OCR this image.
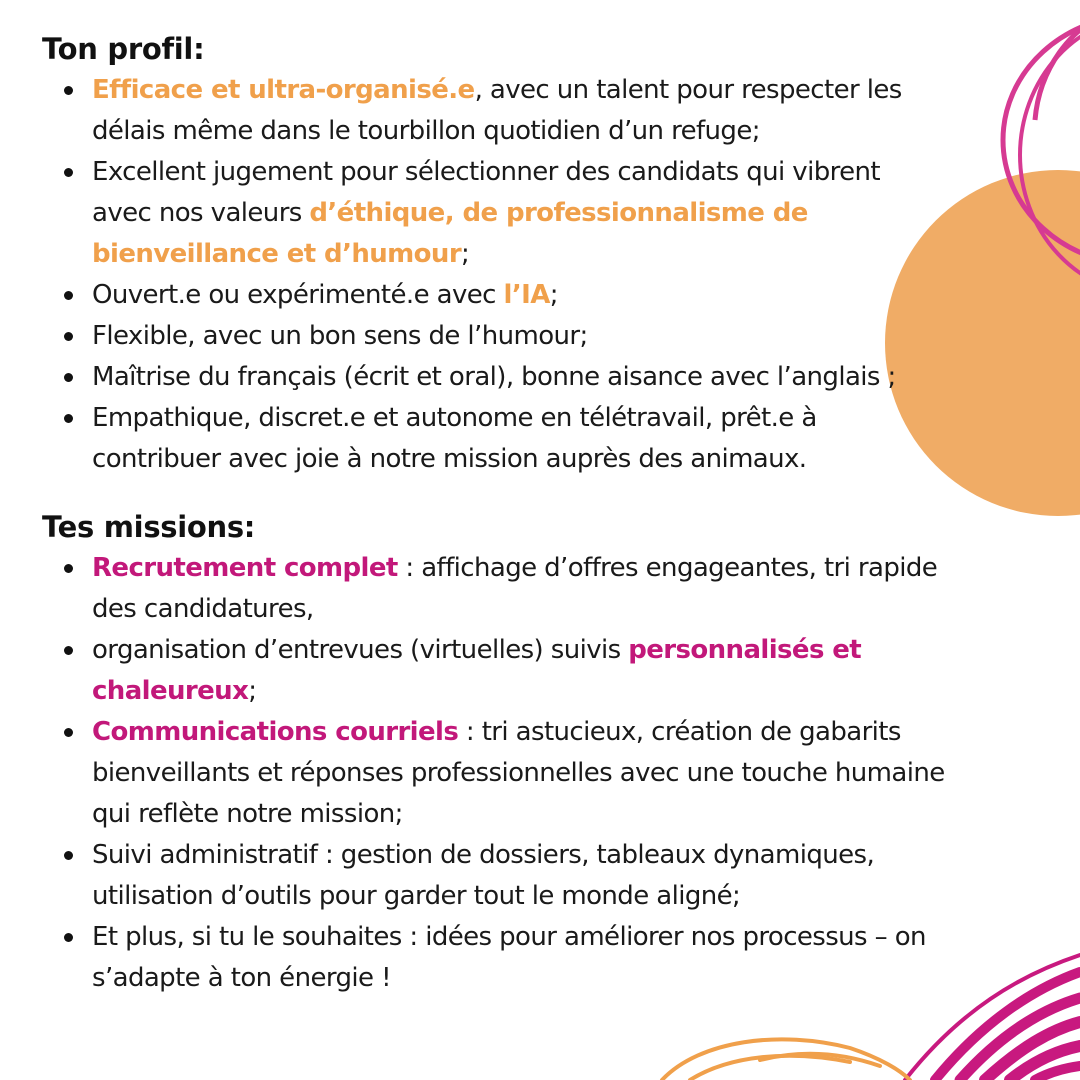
Ton profil:
Efficace et ultra-organisé.e, avec un talent pour respecter les délais même dans le tourbillon quotidien d’un refuge;
Excellent jugement pour sélectionner des candidats qui vibrent avec nos valeurs d’éthique, de professionnalisme de bienveillance et d’humour;
Ouvert.e ou expérimenté.e avec l’IA;
Flexible, avec un bon sens de l’humour;
Maîtrise du français (écrit et oral), bonne aisance avec l’anglais ;
Empathique, discret.e et autonome en télétravail, prêt.e à contribuer avec joie à notre mission auprès des animaux.
Tes missions:
Recrutement complet : affichage d’offres engageantes, tri rapide des candidatures,
organisation d’entrevues (virtuelles) suivis personnalisés et chaleureux;
Communications courriels : tri astucieux, création de gabarits bienveillants et réponses professionnelles avec une touche humaine qui reflète notre mission;
Suivi administratif : gestion de dossiers, tableaux dynamiques, utilisation d’outils pour garder tout le monde aligné;
Et plus, si tu le souhaites : idées pour améliorer nos processus – on s’adapte à ton énergie !
